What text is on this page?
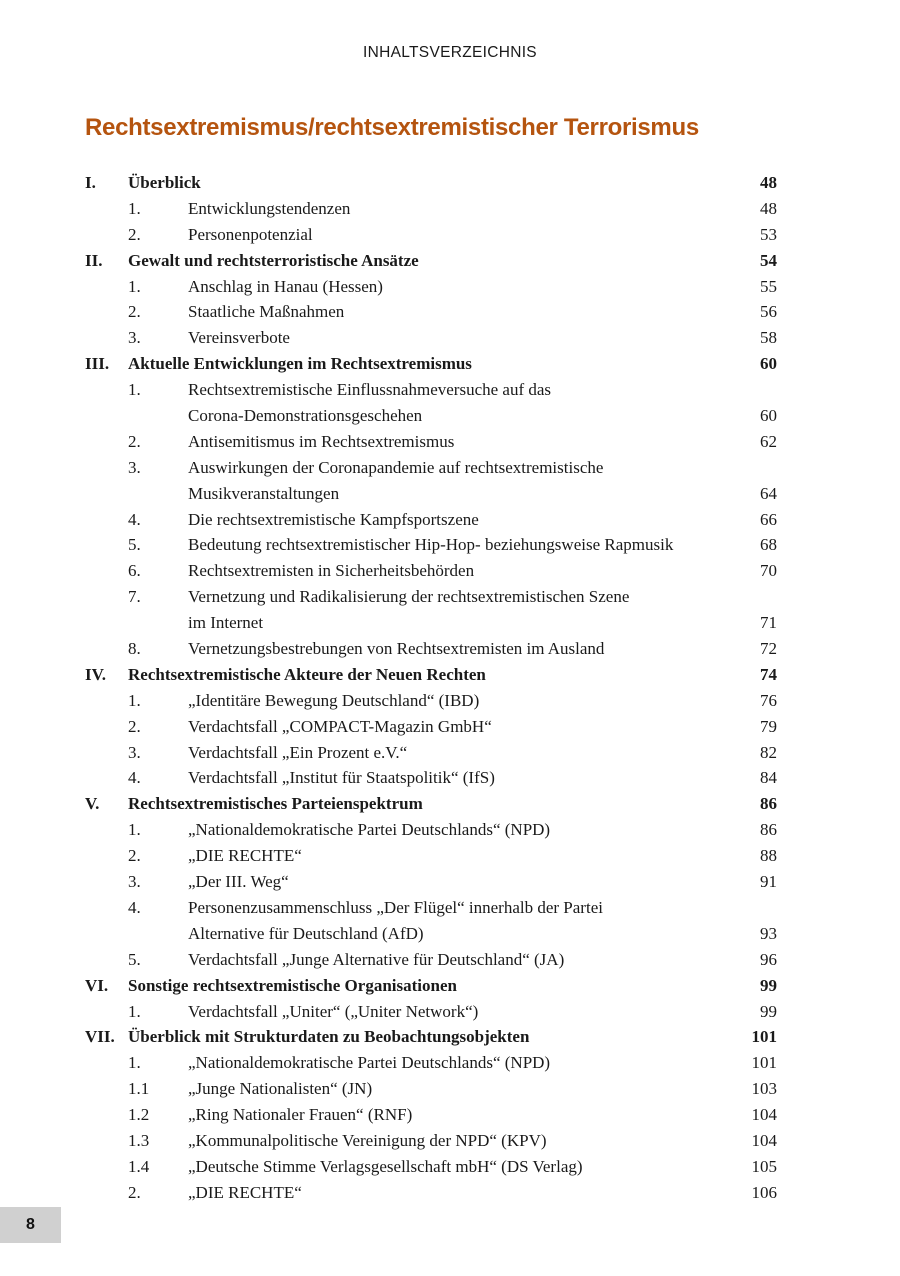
INHALTSVERZEICHNIS
Rechtsextremismus/rechtsextremistischer Terrorismus
I. Überblick	48
1.	Entwicklungstendenzen	48
2.	Personenpotenzial	53
II. Gewalt und rechtsterroristische Ansätze	54
1.	Anschlag in Hanau (Hessen)	55
2.	Staatliche Maßnahmen	56
3.	Vereinsverbote	58
III. Aktuelle Entwicklungen im Rechtsextremismus	60
1.	Rechtsextremistische Einflussnahmeversuche auf das
Corona-Demonstrationsgeschehen	60
2.	Antisemitismus im Rechtsextremismus	62
3.	Auswirkungen der Coronapandemie auf rechtsextremistische
Musikveranstaltungen	64
4.	Die rechtsextremistische Kampfsportszene	66
5.	Bedeutung rechtsextremistischer Hip-Hop- beziehungsweise Rapmusik	68
6.	Rechtsextremisten in Sicherheitsbehörden	70
7.	Vernetzung und Radikalisierung der rechtsextremistischen Szene
im Internet	71
8.	Vernetzungsbestrebungen von Rechtsextremisten im Ausland	72
IV. Rechtsextremistische Akteure der Neuen Rechten	74
1.	„Identitäre Bewegung Deutschland“ (IBD)	76
2.	Verdachtsfall „COMPACT-Magazin GmbH“	79
3.	Verdachtsfall „Ein Prozent e.V.“	82
4.	Verdachtsfall „Institut für Staatspolitik“ (IfS)	84
V. Rechtsextremistisches Parteienspektrum	86
1.	„Nationaldemokratische Partei Deutschlands“ (NPD)	86
2.	„DIE RECHTE“	88
3.	„Der III. Weg“	91
4.	Personenzusammenschluss „Der Flügel“ innerhalb der Partei
Alternative für Deutschland (AfD)	93
5.	Verdachtsfall „Junge Alternative für Deutschland“ (JA)	96
VI. Sonstige rechtsextremistische Organisationen	99
1.	Verdachtsfall „Uniter“ („Uniter Network“)	99
VII. Überblick mit Strukturdaten zu Beobachtungsobjekten	101
1.	„Nationaldemokratische Partei Deutschlands“ (NPD)	101
1.1 „Junge Nationalisten“ (JN)	103
1.2 „Ring Nationaler Frauen“ (RNF)	104
1.3 „Kommunalpolitische Vereinigung der NPD“ (KPV)	104
1.4 „Deutsche Stimme Verlagsgesellschaft mbH“ (DS Verlag)	105
2.	„DIE RECHTE“	106
8
